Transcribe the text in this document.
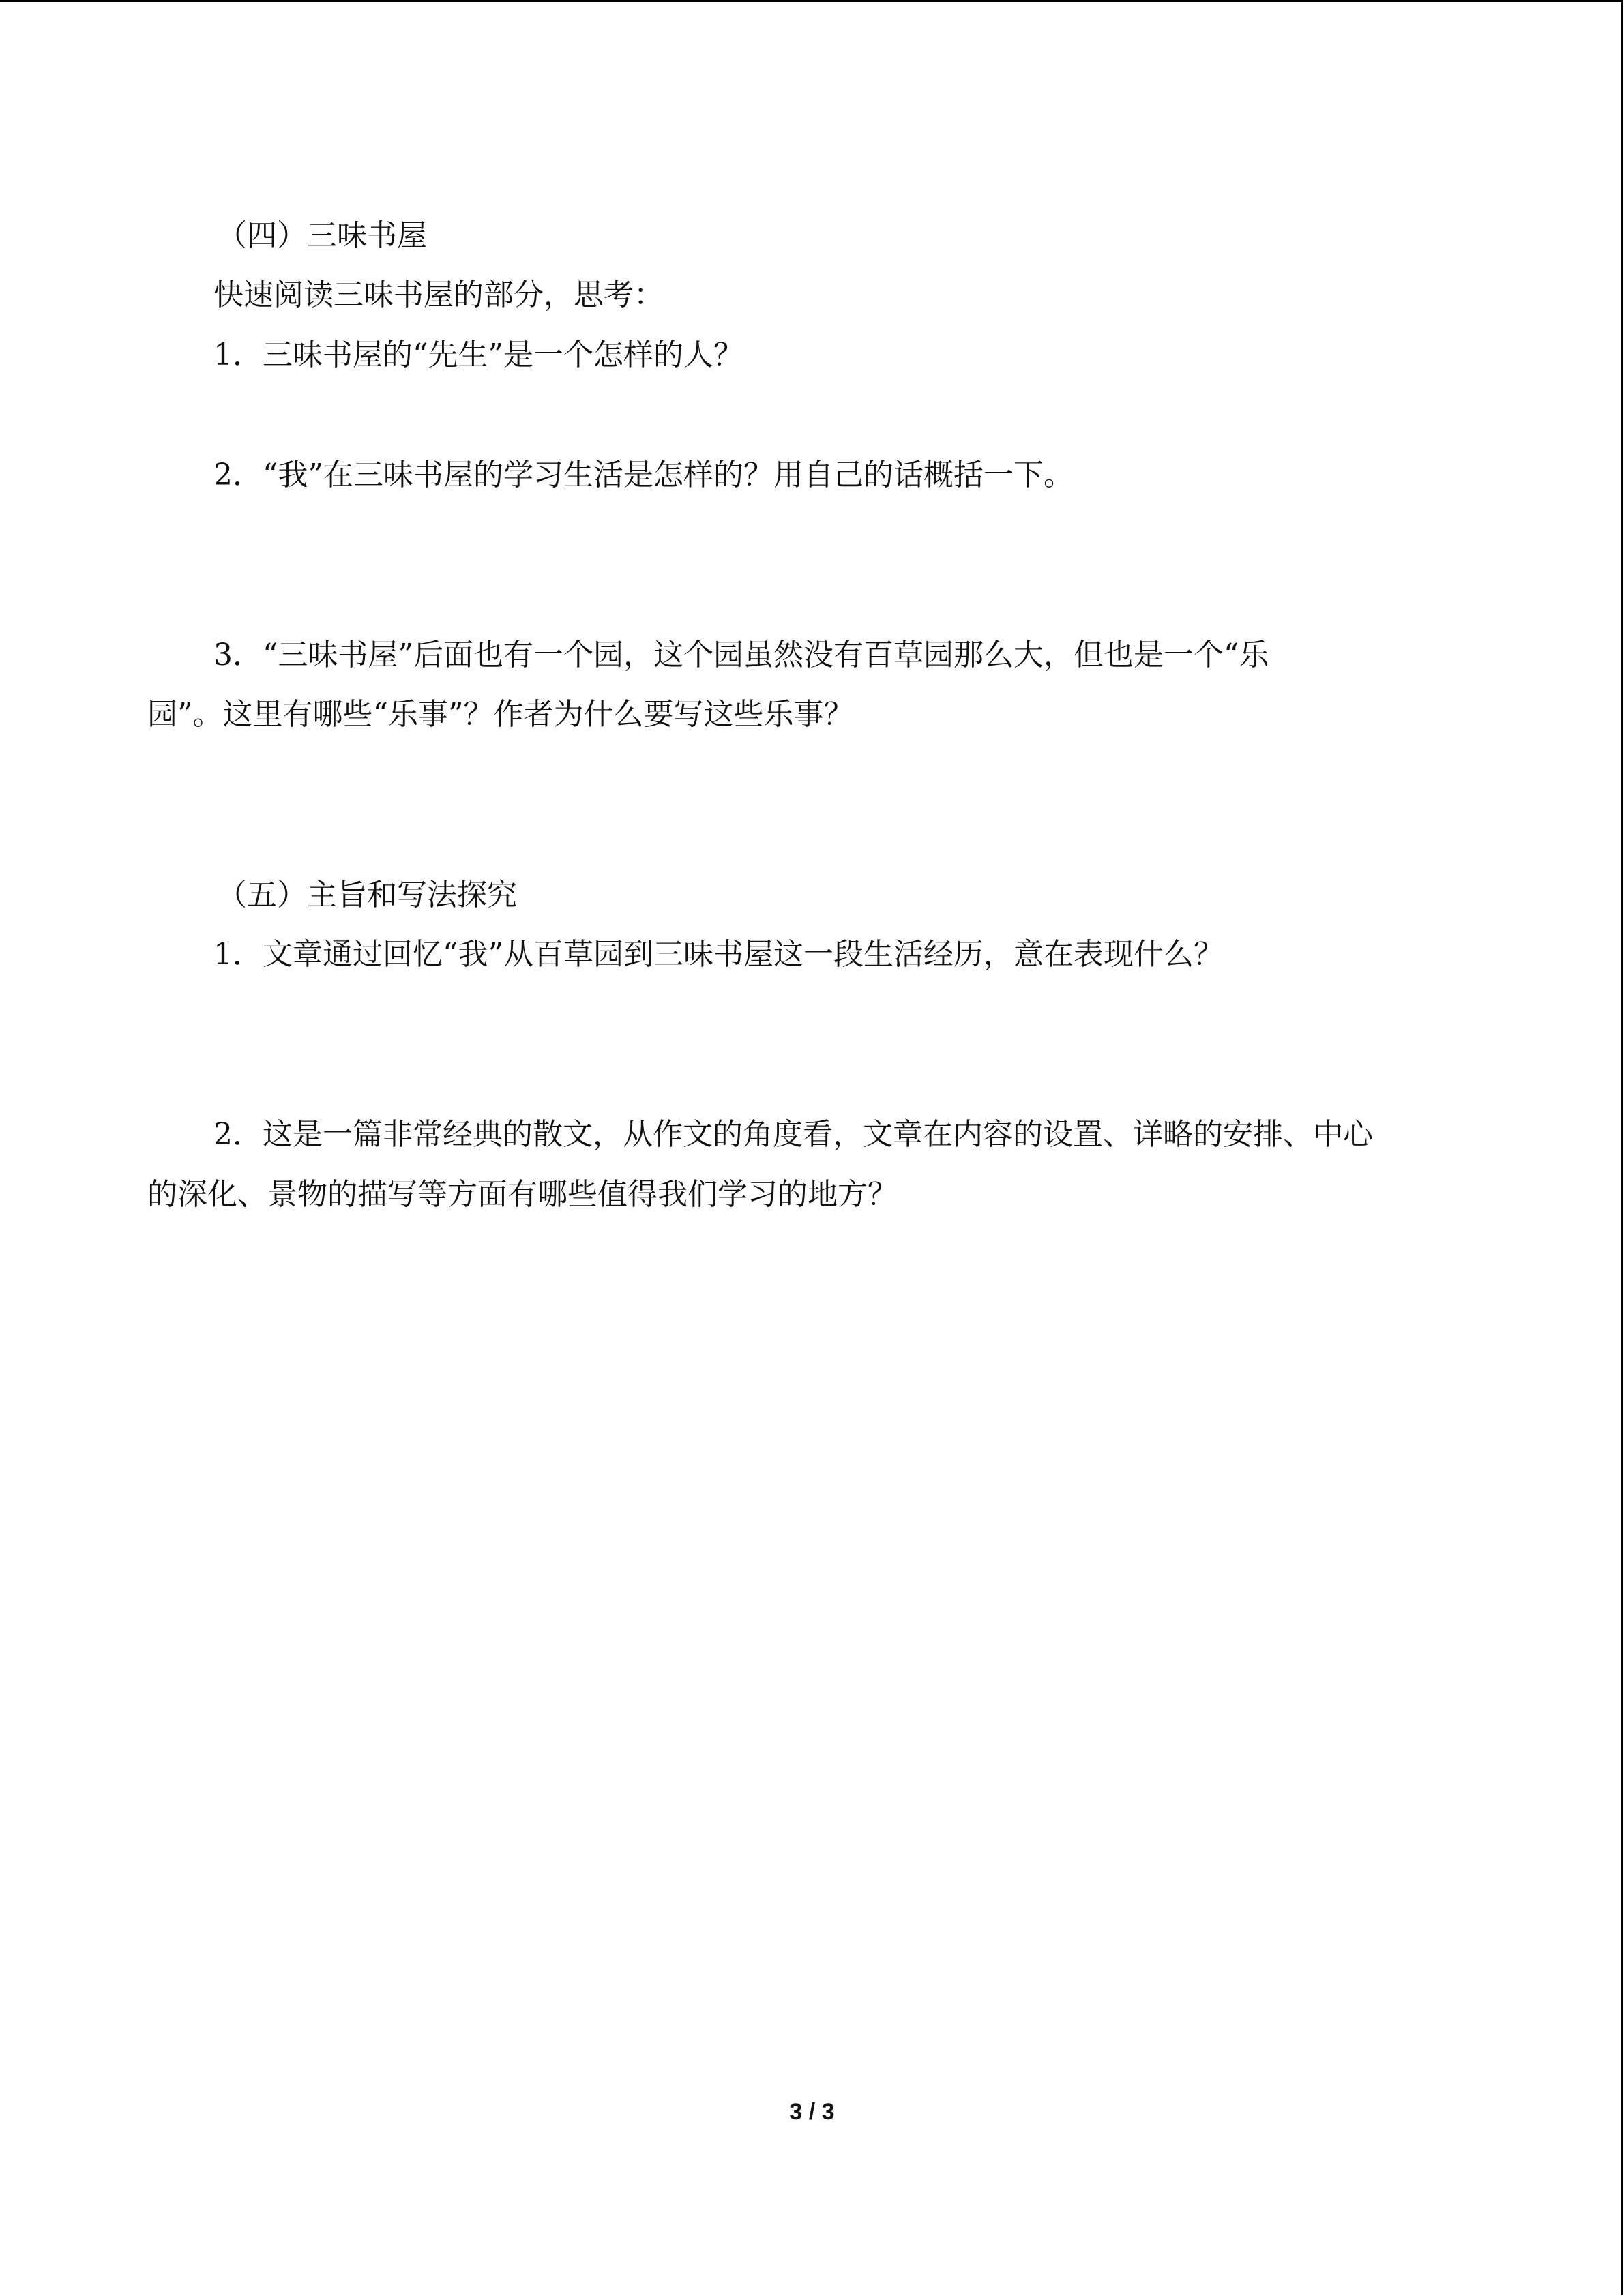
（四）三味书屋
快速阅读三味书屋的部分，思考：
1．三味书屋的“先生”是一个怎样的人？
2．“我”在三味书屋的学习生活是怎样的？用自己的话概括一下。
3．“三味书屋”后面也有一个园，这个园虽然没有百草园那么大，但也是一个“乐
园”。这里有哪些“乐事”？作者为什么要写这些乐事？
（五）主旨和写法探究
1．文章通过回忆“我”从百草园到三味书屋这一段生活经历，意在表现什么？
2．这是一篇非常经典的散文，从作文的角度看，文章在内容的设置、详略的安排、中心
的深化、景物的描写等方面有哪些值得我们学习的地方？
3 / 3
